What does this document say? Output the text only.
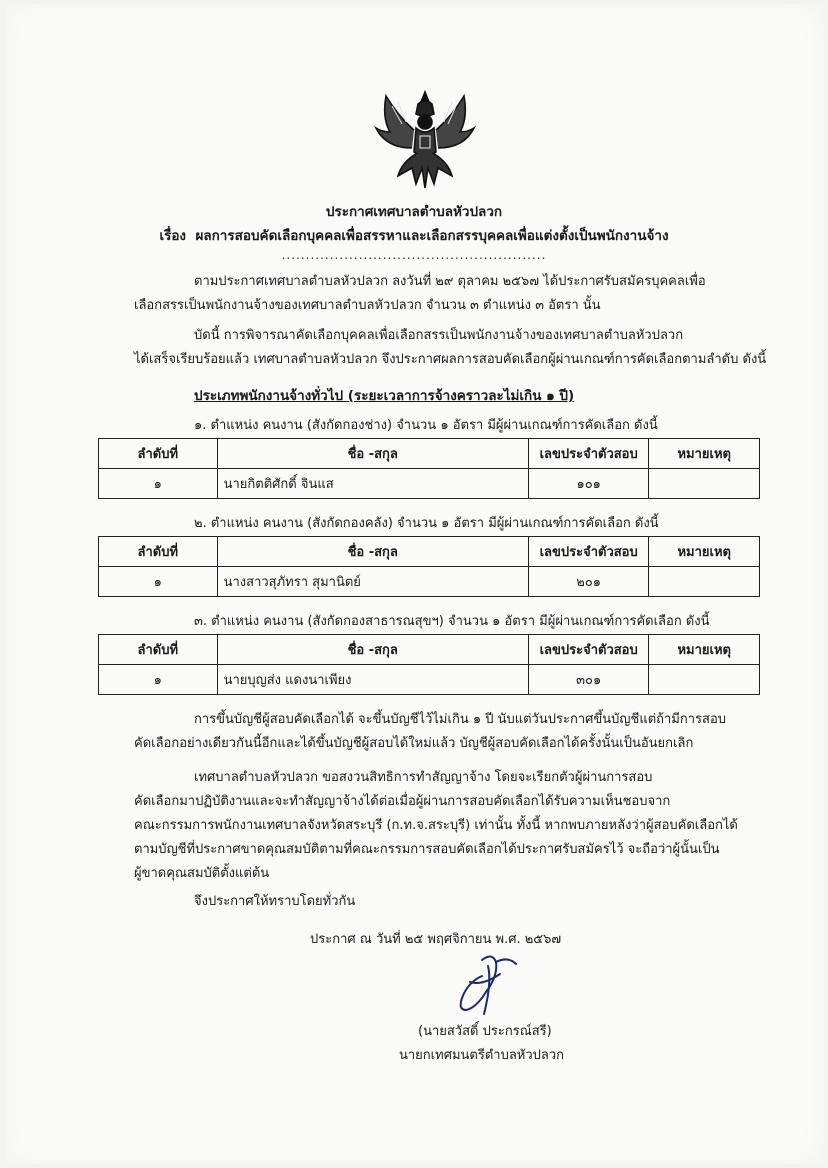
ประกาศเทศบาลตำบลหัวปลวก
เรื่อง ผลการสอบคัดเลือกบุคคลเพื่อสรรหาและเลือกสรรบุคคลเพื่อแต่งตั้งเป็นพนักงานจ้าง
.......................................................
ตามประกาศเทศบาลตำบลหัวปลวก ลงวันที่ ๒๙ ตุลาคม ๒๕๖๗ ได้ประกาศรับสมัครบุคคลเพื่อ
เลือกสรรเป็นพนักงานจ้างของเทศบาลตำบลหัวปลวก จำนวน ๓ ตำแหน่ง ๓ อัตรา นั้น
บัดนี้ การพิจารณาคัดเลือกบุคคลเพื่อเลือกสรรเป็นพนักงานจ้างของเทศบาลตำบลหัวปลวก
ได้เสร็จเรียบร้อยแล้ว เทศบาลตำบลหัวปลวก จึงประกาศผลการสอบคัดเลือกผู้ผ่านเกณฑ์การคัดเลือกตามลำดับ ดังนี้
ประเภทพนักงานจ้างทั่วไป (ระยะเวลาการจ้างคราวละไม่เกิน ๑ ปี)
๑. ตำแหน่ง คนงาน (สังกัดกองช่าง) จำนวน ๑ อัตรา มีผู้ผ่านเกณฑ์การคัดเลือก ดังนี้
ลำดับที่	ชื่อ -สกุล	เลขประจำตัวสอบ	หมายเหตุ
๑	นายกิตติศักดิ์ จินแส	๑๐๑	
๒. ตำแหน่ง คนงาน (สังกัดกองคลัง) จำนวน ๑ อัตรา มีผู้ผ่านเกณฑ์การคัดเลือก ดังนี้
ลำดับที่	ชื่อ -สกุล	เลขประจำตัวสอบ	หมายเหตุ
๑	นางสาวสุภัทรา สุมานิตย์	๒๐๑	
๓. ตำแหน่ง คนงาน (สังกัดกองสาธารณสุขฯ) จำนวน ๑ อัตรา มีผู้ผ่านเกณฑ์การคัดเลือก ดังนี้
ลำดับที่	ชื่อ -สกุล	เลขประจำตัวสอบ	หมายเหตุ
๑	นายบุญส่ง แดงนาเพียง	๓๐๑	
การขึ้นบัญชีผู้สอบคัดเลือกได้ จะขึ้นบัญชีไว้ไม่เกิน ๑ ปี นับแต่วันประกาศขึ้นบัญชีแต่ถ้ามีการสอบ
คัดเลือกอย่างเดียวกันนี้อีกและได้ขึ้นบัญชีผู้สอบได้ใหม่แล้ว บัญชีผู้สอบคัดเลือกได้ครั้งนั้นเป็นอันยกเลิก
เทศบาลตำบลหัวปลวก ขอสงวนสิทธิการทำสัญญาจ้าง โดยจะเรียกตัวผู้ผ่านการสอบ
คัดเลือกมาปฏิบัติงานและจะทำสัญญาจ้างได้ต่อเมื่อผู้ผ่านการสอบคัดเลือกได้รับความเห็นชอบจาก
คณะกรรมการพนักงานเทศบาลจังหวัดสระบุรี (ก.ท.จ.สระบุรี) เท่านั้น ทั้งนี้ หากพบภายหลังว่าผู้สอบคัดเลือกได้
ตามบัญชีที่ประกาศขาดคุณสมบัติตามที่คณะกรรมการสอบคัดเลือกได้ประกาศรับสมัครไว้ จะถือว่าผู้นั้นเป็น
ผู้ขาดคุณสมบัติตั้งแต่ต้น
จึงประกาศให้ทราบโดยทั่วกัน
ประกาศ ณ วันที่ ๒๕ พฤศจิกายน พ.ศ. ๒๕๖๗
(นายสวัสดิ์ ประกรณ์สรี)
นายกเทศมนตรีตำบลหัวปลวก
